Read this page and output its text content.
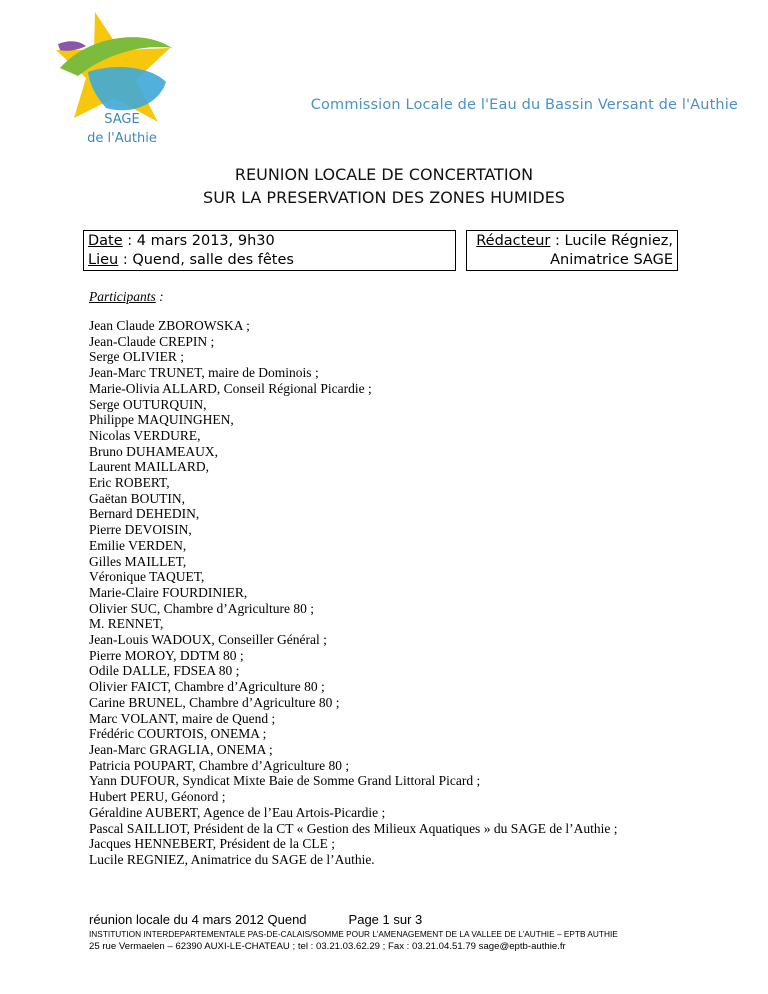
SAGE
de l'Authie
Commission Locale de l'Eau du Bassin Versant de l'Authie
REUNION LOCALE DE CONCERTATION
SUR LA PRESERVATION DES ZONES HUMIDES
Date : 4 mars 2013, 9h30
Lieu : Quend, salle des fêtes
Rédacteur : Lucile Régniez,
Animatrice SAGE
Participants :
Jean Claude ZBOROWSKA ;
Jean-Claude CREPIN ;
Serge OLIVIER ;
Jean-Marc TRUNET, maire de Dominois ;
Marie-Olivia ALLARD, Conseil Régional Picardie ;
Serge OUTURQUIN,
Philippe MAQUINGHEN,
Nicolas VERDURE,
Bruno DUHAMEAUX,
Laurent MAILLARD,
Eric ROBERT,
Gaëtan BOUTIN,
Bernard DEHEDIN,
Pierre DEVOISIN,
Emilie VERDEN,
Gilles MAILLET,
Véronique TAQUET,
Marie-Claire FOURDINIER,
Olivier SUC, Chambre d’Agriculture 80 ;
M. RENNET,
Jean-Louis WADOUX, Conseiller Général ;
Pierre MOROY, DDTM 80 ;
Odile DALLE, FDSEA 80 ;
Olivier FAICT, Chambre d’Agriculture 80 ;
Carine BRUNEL, Chambre d’Agriculture 80 ;
Marc VOLANT, maire de Quend ;
Frédéric COURTOIS, ONEMA ;
Jean-Marc GRAGLIA, ONEMA ;
Patricia POUPART, Chambre d’Agriculture 80 ;
Yann DUFOUR, Syndicat Mixte Baie de Somme Grand Littoral Picard ;
Hubert PERU, Géonord ;
Géraldine AUBERT, Agence de l’Eau Artois-Picardie ;
Pascal SAILLIOT, Président de la CT « Gestion des Milieux Aquatiques » du SAGE de l’Authie ;
Jacques HENNEBERT, Président de la CLE ;
Lucile REGNIEZ, Animatrice du SAGE de l’Authie.
réunion locale du 4 mars 2012 Quend	Page 1 sur 3
INSTITUTION INTERDEPARTEMENTALE PAS-DE-CALAIS/SOMME POUR L’AMENAGEMENT DE LA VALLEE DE L’AUTHIE – EPTB AUTHIE
25 rue Vermaelen – 62390 AUXI-LE-CHATEAU ; tel : 03.21.03.62.29 ; Fax : 03.21.04.51.79 sage@eptb-authie.fr
